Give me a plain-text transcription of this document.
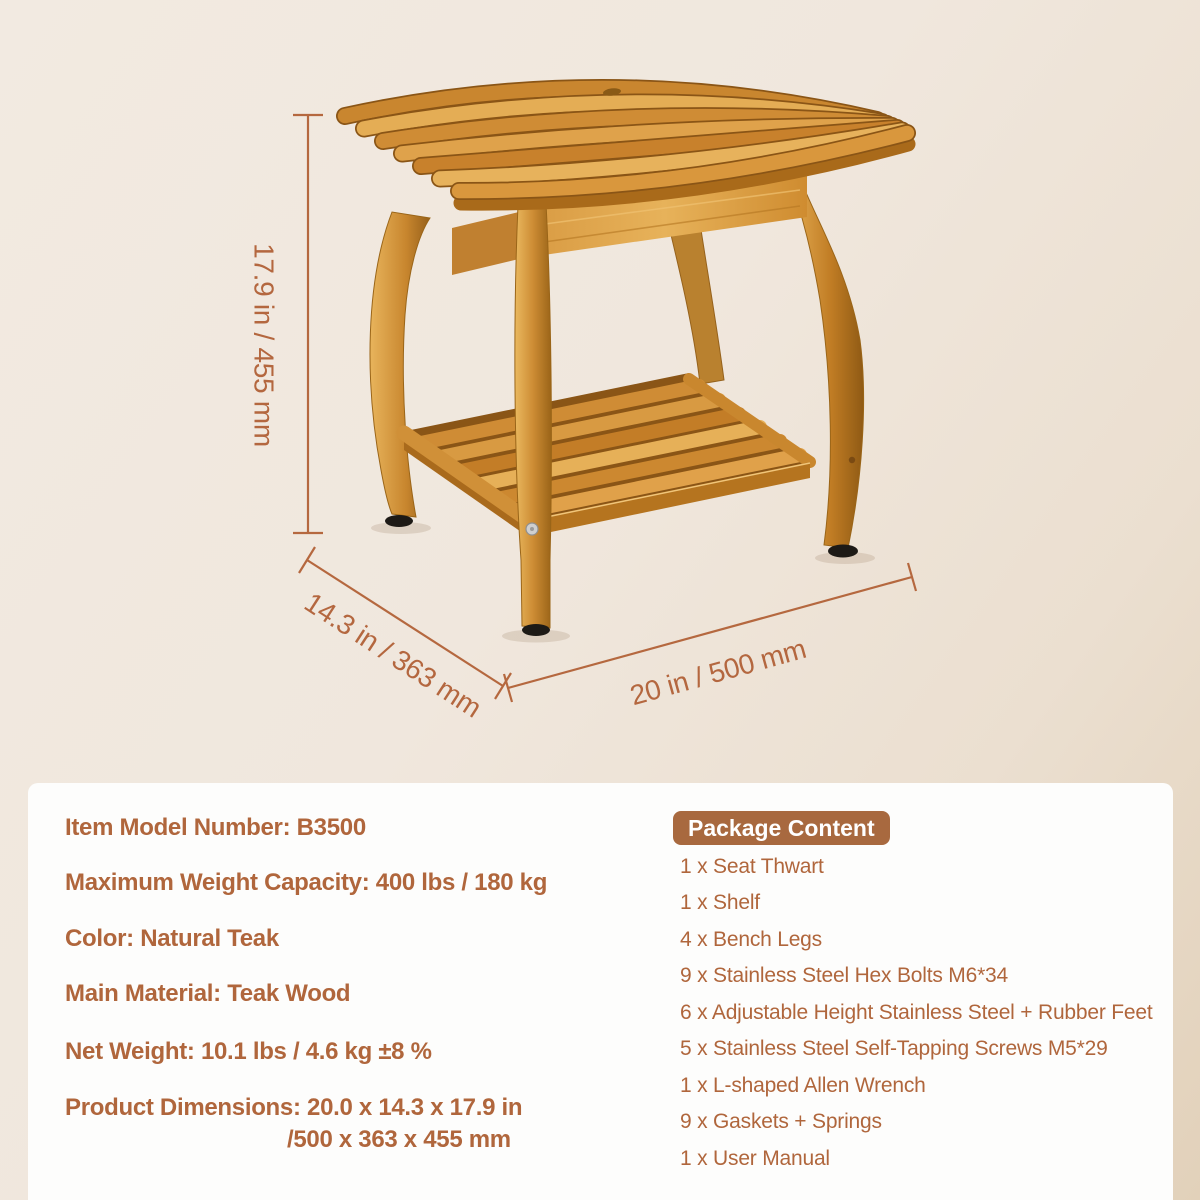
17.9 in / 455 mm
14.3 in / 363 mm	20 in / 500 mm

Item Model Number: B3500

Maximum Weight Capacity: 400 lbs / 180 kg

Color: Natural Teak

Main Material: Teak Wood

Net Weight: 10.1 lbs / 4.6 kg ±8 %

Product Dimensions: 20.0 x 14.3 x 17.9 in

/500 x 363 x 455 mm

Package Content

1 x Seat Thwart

1 x Shelf

4 x Bench Legs

9 x Stainless Steel Hex Bolts M6*34

6 x Adjustable Height Stainless Steel + Rubber Feet

5 x Stainless Steel Self-Tapping Screws M5*29

1 x L-shaped Allen Wrench

9 x Gaskets + Springs

1 x User Manual
